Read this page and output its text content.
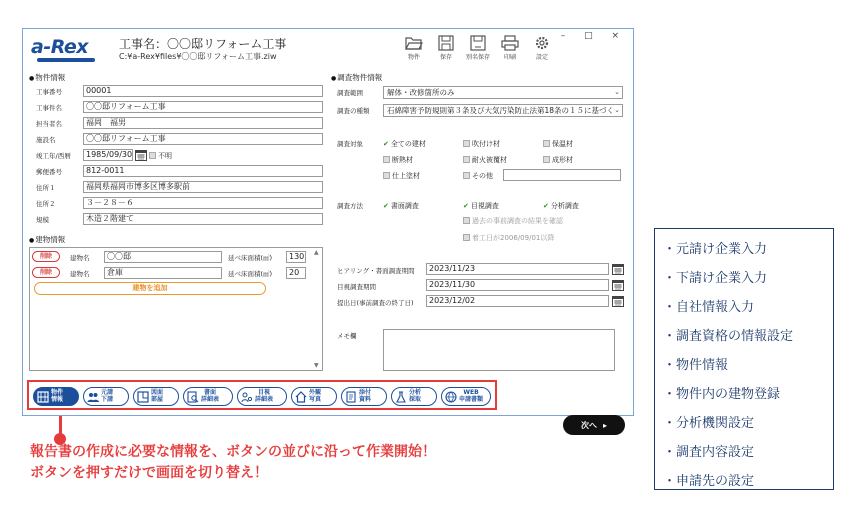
– □ ×
a-Rex	工事名：〇〇邸リフォーム工事
C:¥a-Rex¥files¥〇〇邸リフォーム工事.ziw	物件	保存 別名保存 印刷	設定
● 物件情報
工事番号	00001
工事件名	〇〇邸リフォーム工事
担当者名	福岡　福男
施設名	〇〇邸リフォーム工事
竣工年/西暦	1985/09/30	不明
郵便番号	812-0011
住所１	福岡県福岡市博多区博多駅前
住所２	３－２８－６
規模	木造２階建て
● 建物情報
削除	建物名	〇〇邸	延べ床面積(㎡)	130
削除	建物名	倉庫	延べ床面積(㎡)	20
建物を追加
▲
▼
● 調査物件情報
調査範囲	解体・改修箇所のみ	⌄
調査の種類	石綿障害予防規則第３条及び大気汚染防止法第18条の１５に基づく ⌄
調査対象	✔ 全ての建材	吹付け材	保温材
断熱材	耐火被覆材	成形材
仕上塗材	その他
調査方法	✔ 書面調査	✔ 目視調査	✔ 分析調査
過去の事前調査の結果を確認
着工日が2006/09/01以降
ヒアリング・書面調査期間	2023/11/23
目視調査期間	2023/11/30
提出日(事前調査の終了日)	2023/12/02
メモ欄
次へ ▸
物件
情報
元請
下請
図面
部屋
書面
詳細表
目視
詳細表
外観
写真
添付
資料
分析
採取
WEB
申請書類
報告書の作成に必要な情報を、ボタンの並びに沿って作業開始！
ボタンを押すだけで画面を切り替え！
・ 元請け企業入力
・ 下請け企業入力
・ 自社情報入力
・ 調査資格の情報設定
・ 物件情報
・ 物件内の建物登録
・ 分析機関設定
・ 調査内容設定
・ 申請先の設定
